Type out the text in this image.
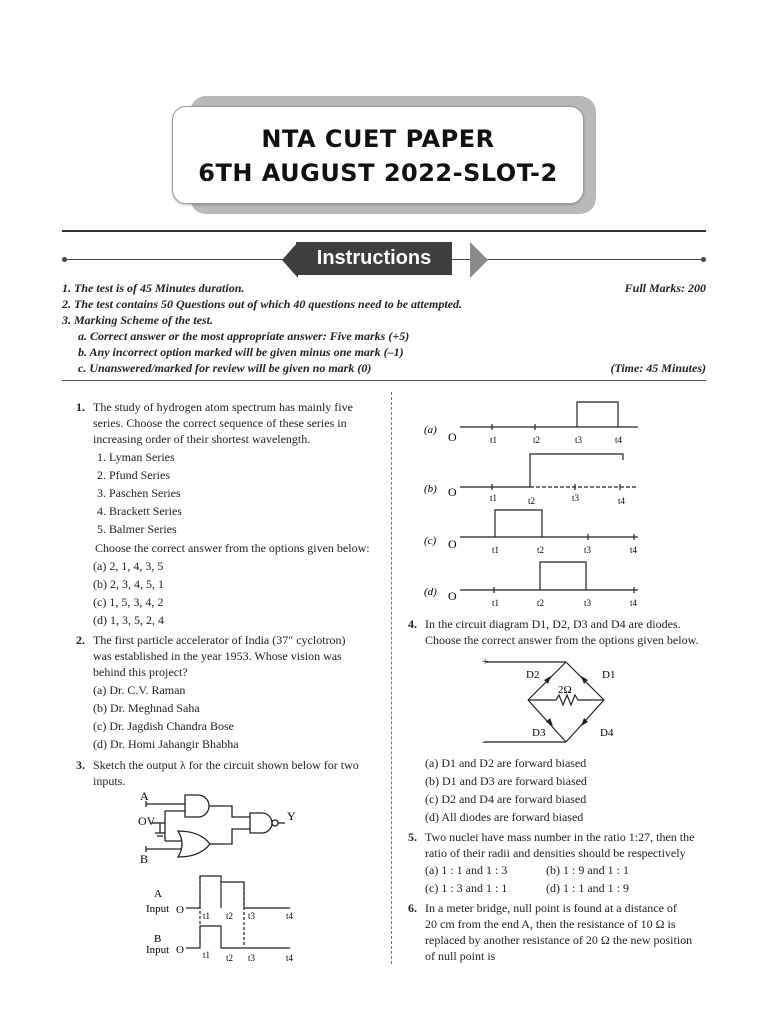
NTA CUET PAPER
6TH AUGUST 2022-SLOT-2
Instructions
1. The test is of 45 Minutes duration.	Full Marks: 200
2. The test contains 50 Questions out of which 40 questions need to be attempted.
3. Marking Scheme of the test.
a. Correct answer or the most appropriate answer: Five marks (+5)
b. Any incorrect option marked will be given minus one mark (–1)
c. Unanswered/marked for review will be given no mark (0)	(Time: 45 Minutes)
1. The study of hydrogen atom spectrum has mainly five
series. Choose the correct sequence of these series in
increasing order of their shortest wavelength.
1. Lyman Series
2. Pfund Series
3. Paschen Series
4. Brackett Series
5. Balmer Series
Choose the correct answer from the options given below:
(a) 2, 1, 4, 3, 5
(b) 2, 3, 4, 5, 1
(c) 1, 5, 3, 4, 2
(d) 1, 3, 5, 2, 4
2. The first particle accelerator of India (37″ cyclotron)
was established in the year 1953. Whose vision was
behind this project?
(a) Dr. C.V. Raman
(b) Dr. Meghnad Saha
(c) Dr. Jagdish Chandra Bose
(d) Dr. Homi Jahangir Bhabha
3. Sketch the output λ for the circuit shown below for two
inputs.
A
OV
B
Y
A
Input O
B
Input O
t1 t2 t3	t4
t1 t2 t3	t4
(a)
(b)
(c)
(d)
O
O
O
O
t1	t2	t3	t4
t1	t2	t3	t4
t1	t2	t3	t4
t1	t2	t3	t4
4. In the circuit diagram D1, D2, D3 and D4 are diodes.
Choose the correct answer from the options given below.
+
–
2Ω
D1
D2
D3	D4
(a) D1 and D2 are forward biased
(b) D1 and D3 are forward biased
(c) D2 and D4 are forward biased
(d) All diodes are forward biased
5. Two nuclei have mass number in the ratio 1:27, then the
ratio of their radii and densities should be respectively
(a) 1 : 1 and 1 : 3	(b) 1 : 9 and 1 : 1
(c) 1 : 3 and 1 : 1	(d) 1 : 1 and 1 : 9
6. In a meter bridge, null point is found at a distance of
20 cm from the end A, then the resistance of 10 Ω is
replaced by another resistance of 20 Ω the new position
of null point is
